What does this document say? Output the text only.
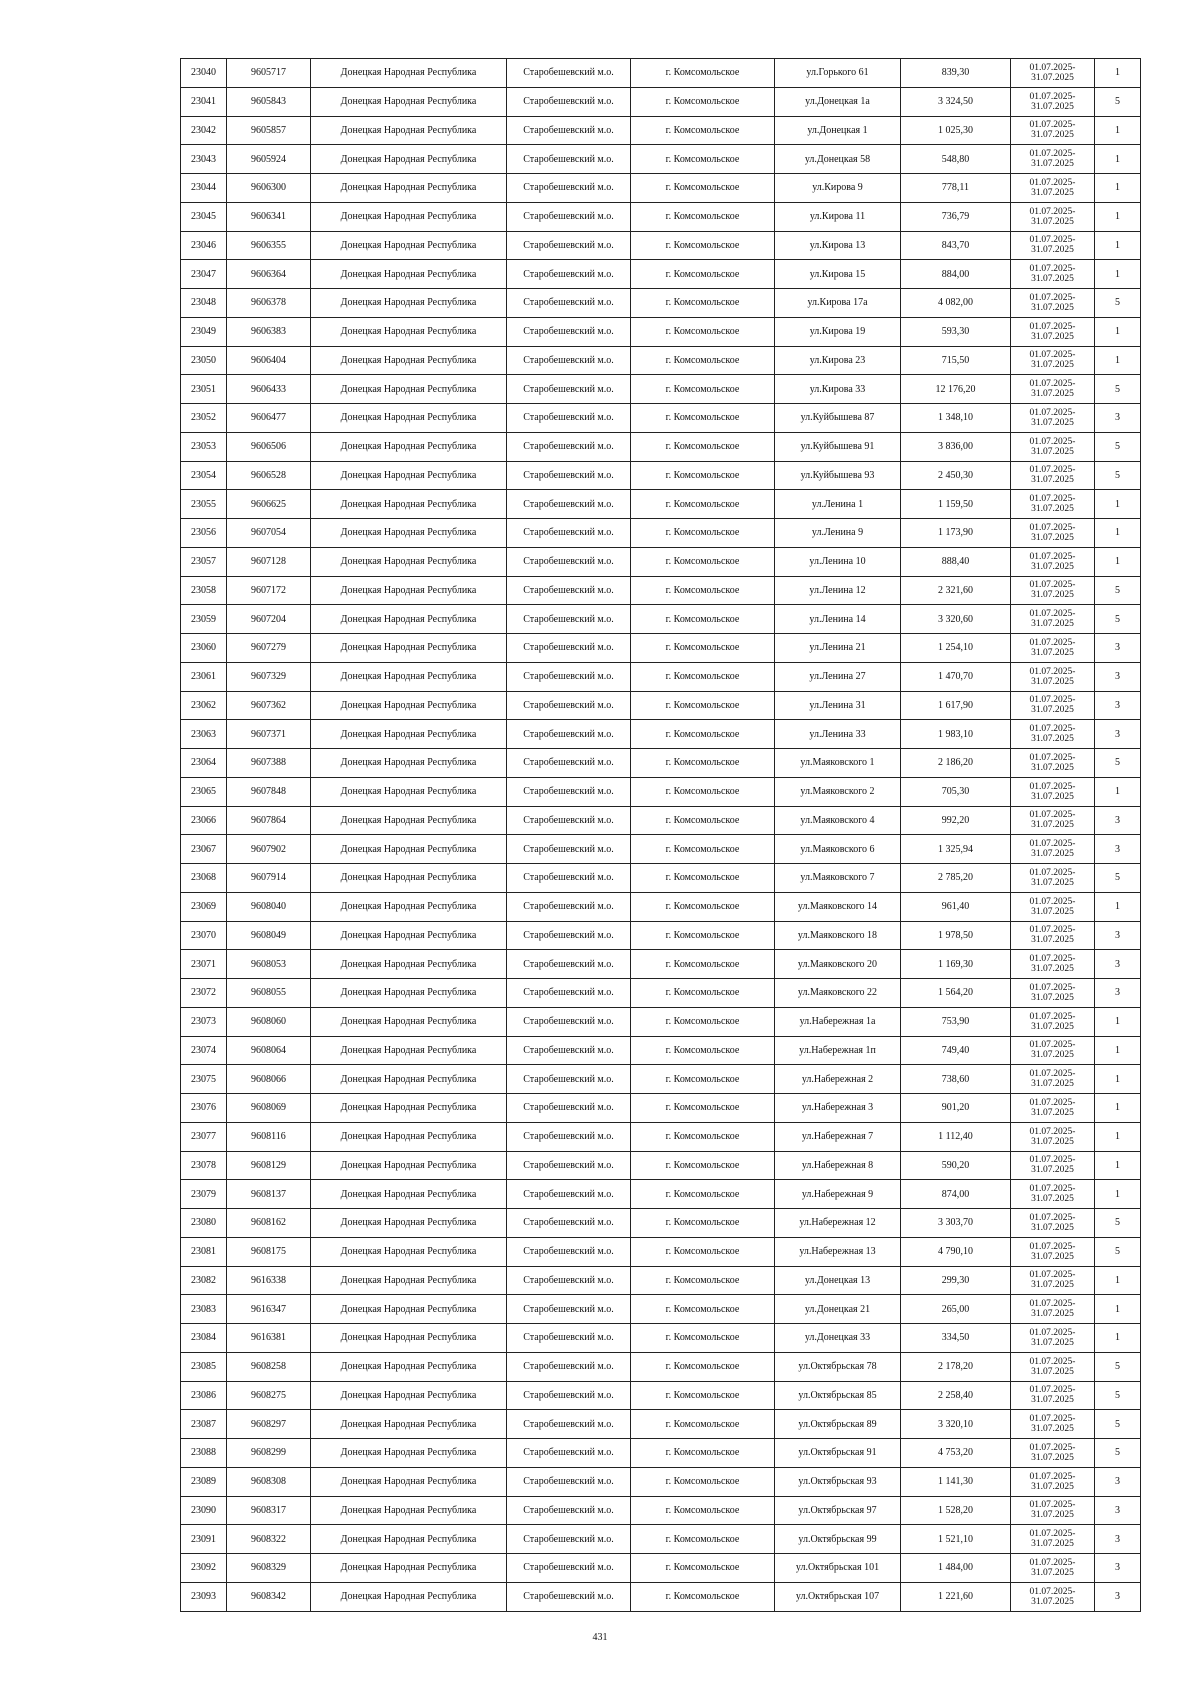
23040	9605717	Донецкая Народная Республика	Старобешевский м.о.	г. Комсомольское	ул.Горького 61	839,30	01.07.2025-31.07.2025	1
23041	9605843	Донецкая Народная Республика	Старобешевский м.о.	г. Комсомольское	ул.Донецкая 1а	3 324,50	01.07.2025-31.07.2025	5
23042	9605857	Донецкая Народная Республика	Старобешевский м.о.	г. Комсомольское	ул.Донецкая 1	1 025,30	01.07.2025-31.07.2025	1
23043	9605924	Донецкая Народная Республика	Старобешевский м.о.	г. Комсомольское	ул.Донецкая 58	548,80	01.07.2025-31.07.2025	1
23044	9606300	Донецкая Народная Республика	Старобешевский м.о.	г. Комсомольское	ул.Кирова 9	778,11	01.07.2025-31.07.2025	1
23045	9606341	Донецкая Народная Республика	Старобешевский м.о.	г. Комсомольское	ул.Кирова 11	736,79	01.07.2025-31.07.2025	1
23046	9606355	Донецкая Народная Республика	Старобешевский м.о.	г. Комсомольское	ул.Кирова 13	843,70	01.07.2025-31.07.2025	1
23047	9606364	Донецкая Народная Республика	Старобешевский м.о.	г. Комсомольское	ул.Кирова 15	884,00	01.07.2025-31.07.2025	1
23048	9606378	Донецкая Народная Республика	Старобешевский м.о.	г. Комсомольское	ул.Кирова 17а	4 082,00	01.07.2025-31.07.2025	5
23049	9606383	Донецкая Народная Республика	Старобешевский м.о.	г. Комсомольское	ул.Кирова 19	593,30	01.07.2025-31.07.2025	1
23050	9606404	Донецкая Народная Республика	Старобешевский м.о.	г. Комсомольское	ул.Кирова 23	715,50	01.07.2025-31.07.2025	1
23051	9606433	Донецкая Народная Республика	Старобешевский м.о.	г. Комсомольское	ул.Кирова 33	12 176,20	01.07.2025-31.07.2025	5
23052	9606477	Донецкая Народная Республика	Старобешевский м.о.	г. Комсомольское	ул.Куйбышева 87	1 348,10	01.07.2025-31.07.2025	3
23053	9606506	Донецкая Народная Республика	Старобешевский м.о.	г. Комсомольское	ул.Куйбышева 91	3 836,00	01.07.2025-31.07.2025	5
23054	9606528	Донецкая Народная Республика	Старобешевский м.о.	г. Комсомольское	ул.Куйбышева 93	2 450,30	01.07.2025-31.07.2025	5
23055	9606625	Донецкая Народная Республика	Старобешевский м.о.	г. Комсомольское	ул.Ленина 1	1 159,50	01.07.2025-31.07.2025	1
23056	9607054	Донецкая Народная Республика	Старобешевский м.о.	г. Комсомольское	ул.Ленина 9	1 173,90	01.07.2025-31.07.2025	1
23057	9607128	Донецкая Народная Республика	Старобешевский м.о.	г. Комсомольское	ул.Ленина 10	888,40	01.07.2025-31.07.2025	1
23058	9607172	Донецкая Народная Республика	Старобешевский м.о.	г. Комсомольское	ул.Ленина 12	2 321,60	01.07.2025-31.07.2025	5
23059	9607204	Донецкая Народная Республика	Старобешевский м.о.	г. Комсомольское	ул.Ленина 14	3 320,60	01.07.2025-31.07.2025	5
23060	9607279	Донецкая Народная Республика	Старобешевский м.о.	г. Комсомольское	ул.Ленина 21	1 254,10	01.07.2025-31.07.2025	3
23061	9607329	Донецкая Народная Республика	Старобешевский м.о.	г. Комсомольское	ул.Ленина 27	1 470,70	01.07.2025-31.07.2025	3
23062	9607362	Донецкая Народная Республика	Старобешевский м.о.	г. Комсомольское	ул.Ленина 31	1 617,90	01.07.2025-31.07.2025	3
23063	9607371	Донецкая Народная Республика	Старобешевский м.о.	г. Комсомольское	ул.Ленина 33	1 983,10	01.07.2025-31.07.2025	3
23064	9607388	Донецкая Народная Республика	Старобешевский м.о.	г. Комсомольское	ул.Маяковского 1	2 186,20	01.07.2025-31.07.2025	5
23065	9607848	Донецкая Народная Республика	Старобешевский м.о.	г. Комсомольское	ул.Маяковского 2	705,30	01.07.2025-31.07.2025	1
23066	9607864	Донецкая Народная Республика	Старобешевский м.о.	г. Комсомольское	ул.Маяковского 4	992,20	01.07.2025-31.07.2025	3
23067	9607902	Донецкая Народная Республика	Старобешевский м.о.	г. Комсомольское	ул.Маяковского 6	1 325,94	01.07.2025-31.07.2025	3
23068	9607914	Донецкая Народная Республика	Старобешевский м.о.	г. Комсомольское	ул.Маяковского 7	2 785,20	01.07.2025-31.07.2025	5
23069	9608040	Донецкая Народная Республика	Старобешевский м.о.	г. Комсомольское	ул.Маяковского 14	961,40	01.07.2025-31.07.2025	1
23070	9608049	Донецкая Народная Республика	Старобешевский м.о.	г. Комсомольское	ул.Маяковского 18	1 978,50	01.07.2025-31.07.2025	3
23071	9608053	Донецкая Народная Республика	Старобешевский м.о.	г. Комсомольское	ул.Маяковского 20	1 169,30	01.07.2025-31.07.2025	3
23072	9608055	Донецкая Народная Республика	Старобешевский м.о.	г. Комсомольское	ул.Маяковского 22	1 564,20	01.07.2025-31.07.2025	3
23073	9608060	Донецкая Народная Республика	Старобешевский м.о.	г. Комсомольское	ул.Набережная 1а	753,90	01.07.2025-31.07.2025	1
23074	9608064	Донецкая Народная Республика	Старобешевский м.о.	г. Комсомольское	ул.Набережная 1п	749,40	01.07.2025-31.07.2025	1
23075	9608066	Донецкая Народная Республика	Старобешевский м.о.	г. Комсомольское	ул.Набережная 2	738,60	01.07.2025-31.07.2025	1
23076	9608069	Донецкая Народная Республика	Старобешевский м.о.	г. Комсомольское	ул.Набережная 3	901,20	01.07.2025-31.07.2025	1
23077	9608116	Донецкая Народная Республика	Старобешевский м.о.	г. Комсомольское	ул.Набережная 7	1 112,40	01.07.2025-31.07.2025	1
23078	9608129	Донецкая Народная Республика	Старобешевский м.о.	г. Комсомольское	ул.Набережная 8	590,20	01.07.2025-31.07.2025	1
23079	9608137	Донецкая Народная Республика	Старобешевский м.о.	г. Комсомольское	ул.Набережная 9	874,00	01.07.2025-31.07.2025	1
23080	9608162	Донецкая Народная Республика	Старобешевский м.о.	г. Комсомольское	ул.Набережная 12	3 303,70	01.07.2025-31.07.2025	5
23081	9608175	Донецкая Народная Республика	Старобешевский м.о.	г. Комсомольское	ул.Набережная 13	4 790,10	01.07.2025-31.07.2025	5
23082	9616338	Донецкая Народная Республика	Старобешевский м.о.	г. Комсомольское	ул.Донецкая 13	299,30	01.07.2025-31.07.2025	1
23083	9616347	Донецкая Народная Республика	Старобешевский м.о.	г. Комсомольское	ул.Донецкая 21	265,00	01.07.2025-31.07.2025	1
23084	9616381	Донецкая Народная Республика	Старобешевский м.о.	г. Комсомольское	ул.Донецкая 33	334,50	01.07.2025-31.07.2025	1
23085	9608258	Донецкая Народная Республика	Старобешевский м.о.	г. Комсомольское	ул.Октябрьская 78	2 178,20	01.07.2025-31.07.2025	5
23086	9608275	Донецкая Народная Республика	Старобешевский м.о.	г. Комсомольское	ул.Октябрьская 85	2 258,40	01.07.2025-31.07.2025	5
23087	9608297	Донецкая Народная Республика	Старобешевский м.о.	г. Комсомольское	ул.Октябрьская 89	3 320,10	01.07.2025-31.07.2025	5
23088	9608299	Донецкая Народная Республика	Старобешевский м.о.	г. Комсомольское	ул.Октябрьская 91	4 753,20	01.07.2025-31.07.2025	5
23089	9608308	Донецкая Народная Республика	Старобешевский м.о.	г. Комсомольское	ул.Октябрьская 93	1 141,30	01.07.2025-31.07.2025	3
23090	9608317	Донецкая Народная Республика	Старобешевский м.о.	г. Комсомольское	ул.Октябрьская 97	1 528,20	01.07.2025-31.07.2025	3
23091	9608322	Донецкая Народная Республика	Старобешевский м.о.	г. Комсомольское	ул.Октябрьская 99	1 521,10	01.07.2025-31.07.2025	3
23092	9608329	Донецкая Народная Республика	Старобешевский м.о.	г. Комсомольское	ул.Октябрьская 101	1 484,00	01.07.2025-31.07.2025	3
23093	9608342	Донецкая Народная Республика	Старобешевский м.о.	г. Комсомольское	ул.Октябрьская 107	1 221,60	01.07.2025-31.07.2025	3
431
